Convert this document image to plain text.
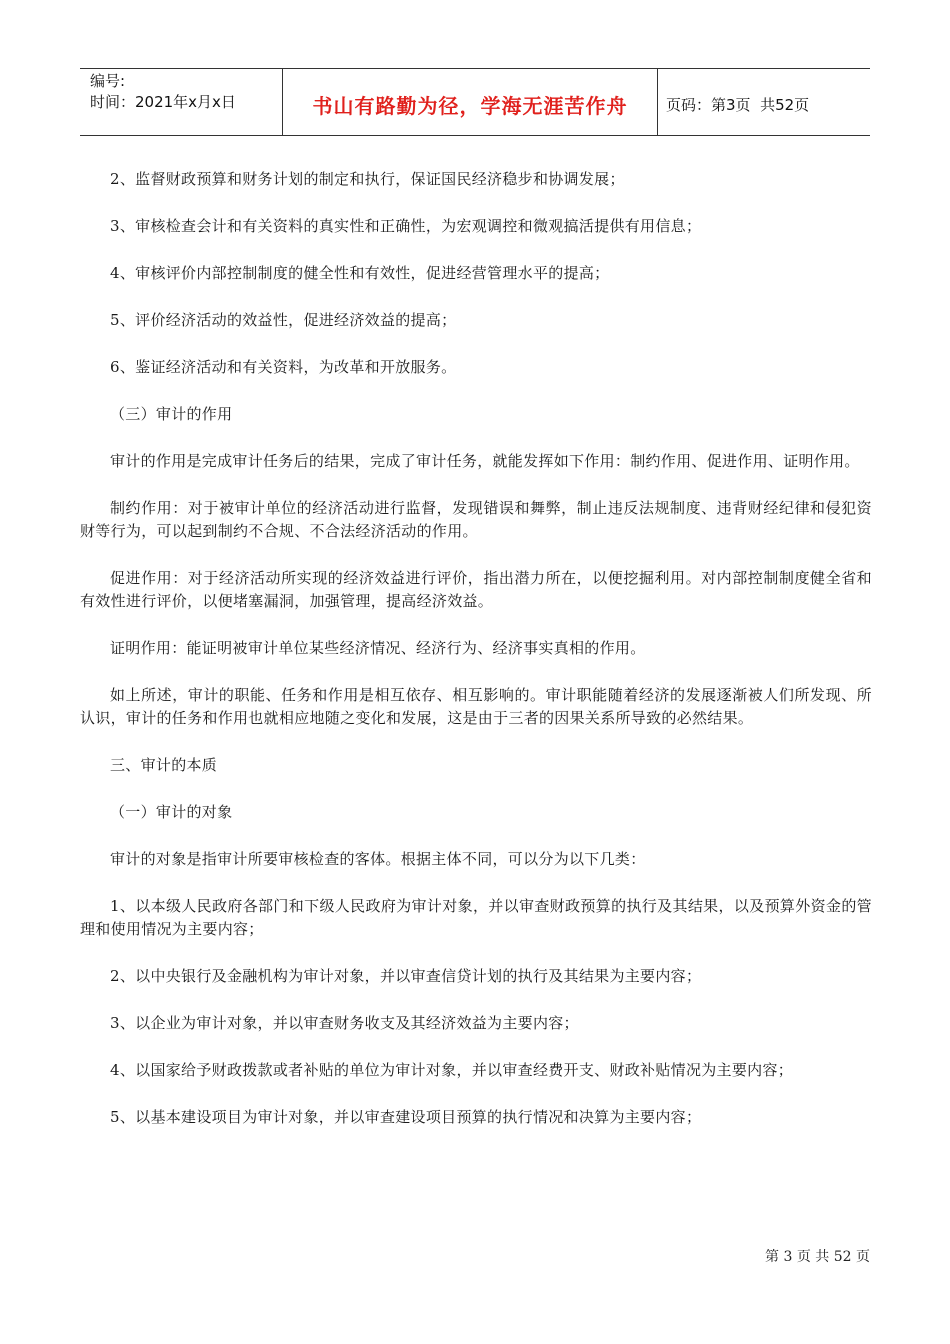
编号:
时间：2021年x月x日	书山有路勤为径，学海无涯苦作舟	页码：第3页  共52页

2、监督财政预算和财务计划的制定和执行，保证国民经济稳步和协调发展；

3、审核检查会计和有关资料的真实性和正确性，为宏观调控和微观搞活提供有用信息；

4、审核评价内部控制制度的健全性和有效性，促进经营管理水平的提高；

5、评价经济活动的效益性，促进经济效益的提高；

6、鉴证经济活动和有关资料，为改革和开放服务。

（三）审计的作用

审计的作用是完成审计任务后的结果，完成了审计任务，就能发挥如下作用：制约作用、促进作用、证明作用。

制约作用：对于被审计单位的经济活动进行监督，发现错误和舞弊，制止违反法规制度、违背财经纪律和侵犯资财等行为，可以起到制约不合规、不合法经济活动的作用。

促进作用：对于经济活动所实现的经济效益进行评价，指出潜力所在，以便挖掘利用。对内部控制制度健全省和有效性进行评价，以便堵塞漏洞，加强管理，提高经济效益。

证明作用：能证明被审计单位某些经济情况、经济行为、经济事实真相的作用。

如上所述，审计的职能、任务和作用是相互依存、相互影响的。审计职能随着经济的发展逐渐被人们所发现、所认识，审计的任务和作用也就相应地随之变化和发展，这是由于三者的因果关系所导致的必然结果。

三、审计的本质

（一）审计的对象

审计的对象是指审计所要审核检查的客体。根据主体不同，可以分为以下几类：

1、以本级人民政府各部门和下级人民政府为审计对象，并以审查财政预算的执行及其结果，以及预算外资金的管理和使用情况为主要内容；

2、以中央银行及金融机构为审计对象，并以审查信贷计划的执行及其结果为主要内容；

3、以企业为审计对象，并以审查财务收支及其经济效益为主要内容；

4、以国家给予财政拨款或者补贴的单位为审计对象，并以审查经费开支、财政补贴情况为主要内容；

5、以基本建设项目为审计对象，并以审查建设项目预算的执行情况和决算为主要内容；

第 3 页 共 52 页
